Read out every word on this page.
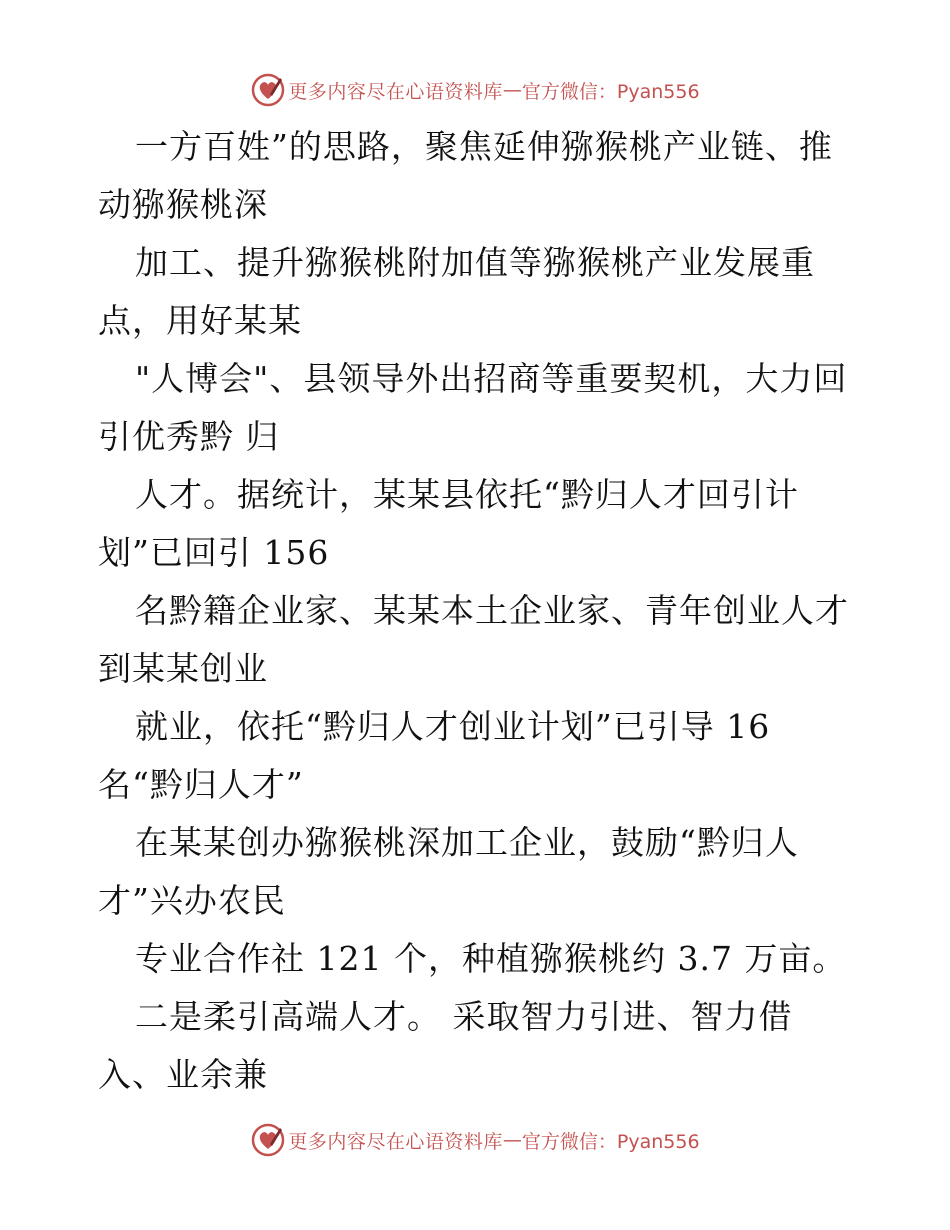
更多内容尽在心语资料库 — 官方微信：Pyan556
一方百姓”的思路，聚焦延伸猕猴桃产业链、推
动猕猴桃深
加工、提升猕猴桃附加值等猕猴桃产业发展重
点，用好某某
"人博会"、县领导外出招商等重要契机，大力回
引优秀黔 归
人才。据统计，某某县依托“黔归人才回引计
划”已回引 156
名黔籍企业家、某某本土企业家、青年创业人才
到某某创业
就业，依托“黔归人才创业计划”已引导 16
名“黔归人才”
在某某创办猕猴桃深加工企业，鼓励“黔归人
才”兴办农民
专业合作社 121 个，种植猕猴桃约 3.7 万亩。
二是柔引高端人才。 采取智力引进、智力借
入、业余兼
更多内容尽在心语资料库 — 官方微信：Pyan556
